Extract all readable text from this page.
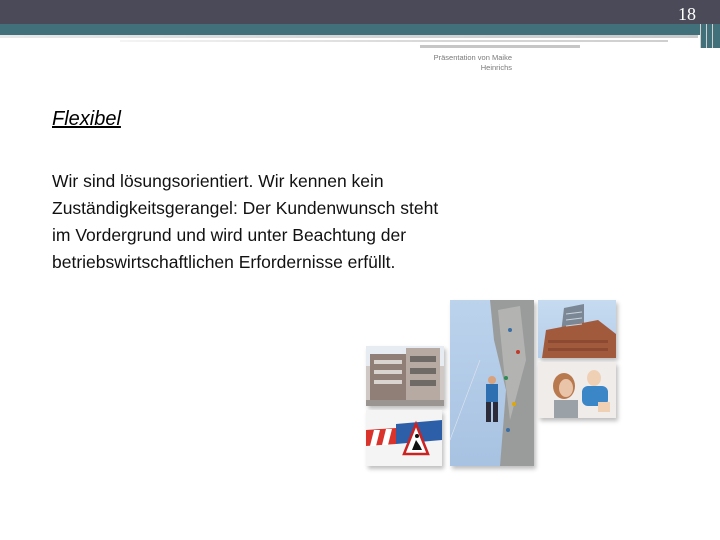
18
Präsentation von Maike
Heinrichs
Flexibel
Wir sind lösungsorientiert. Wir kennen kein
Zuständigkeitsgerangel: Der Kundenwunsch steht
im Vordergrund und wird unter Beachtung der
betriebswirtschaftlichen Erfordernisse erfüllt.
